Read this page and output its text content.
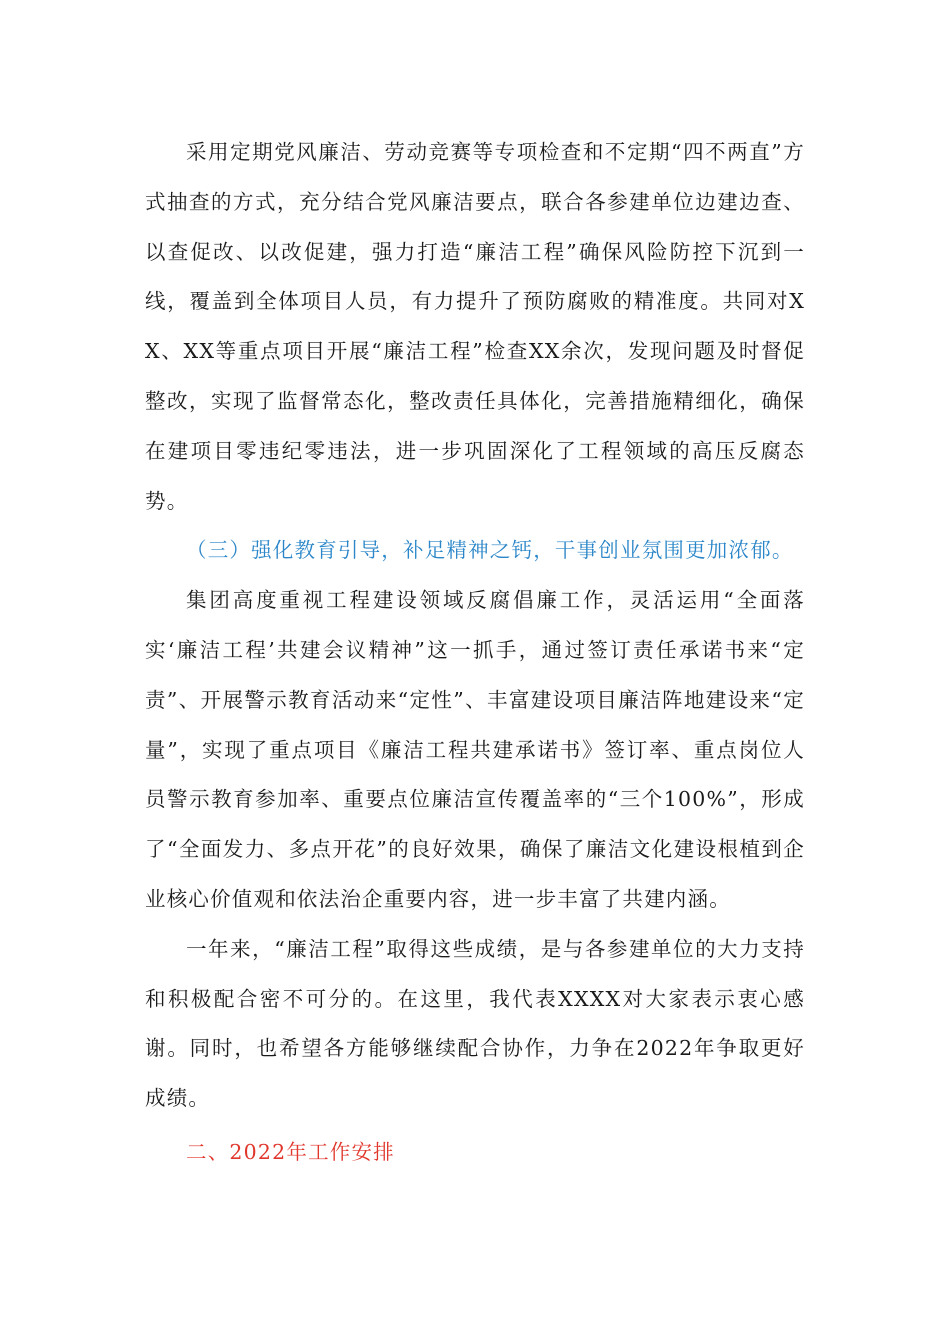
采用定期党风廉洁、劳动竞赛等专项检查和不定期“四不两直”方式抽查的方式，充分结合党风廉洁要点，联合各参建单位边建边查、以查促改、以改促建，强力打造“廉洁工程”确保风险防控下沉到一线，覆盖到全体项目人员，有力提升了预防腐败的精准度。共同对XX、XX等重点项目开展“廉洁工程”检查XX余次，发现问题及时督促整改，实现了监督常态化，整改责任具体化，完善措施精细化，确保在建项目零违纪零违法，进一步巩固深化了工程领域的高压反腐态势。

（三）强化教育引导，补足精神之钙，干事创业氛围更加浓郁。

集团高度重视工程建设领域反腐倡廉工作，灵活运用“全面落实‘廉洁工程’共建会议精神”这一抓手，通过签订责任承诺书来“定责”、开展警示教育活动来“定性”、丰富建设项目廉洁阵地建设来“定量”，实现了重点项目《廉洁工程共建承诺书》签订率、重点岗位人员警示教育参加率、重要点位廉洁宣传覆盖率的“三个100%”，形成了“全面发力、多点开花”的良好效果，确保了廉洁文化建设根植到企业核心价值观和依法治企重要内容，进一步丰富了共建内涵。

一年来，“廉洁工程”取得这些成绩，是与各参建单位的大力支持和积极配合密不可分的。在这里，我代表XXXX对大家表示衷心感谢。同时，也希望各方能够继续配合协作，力争在2022年争取更好成绩。

二、2022年工作安排
